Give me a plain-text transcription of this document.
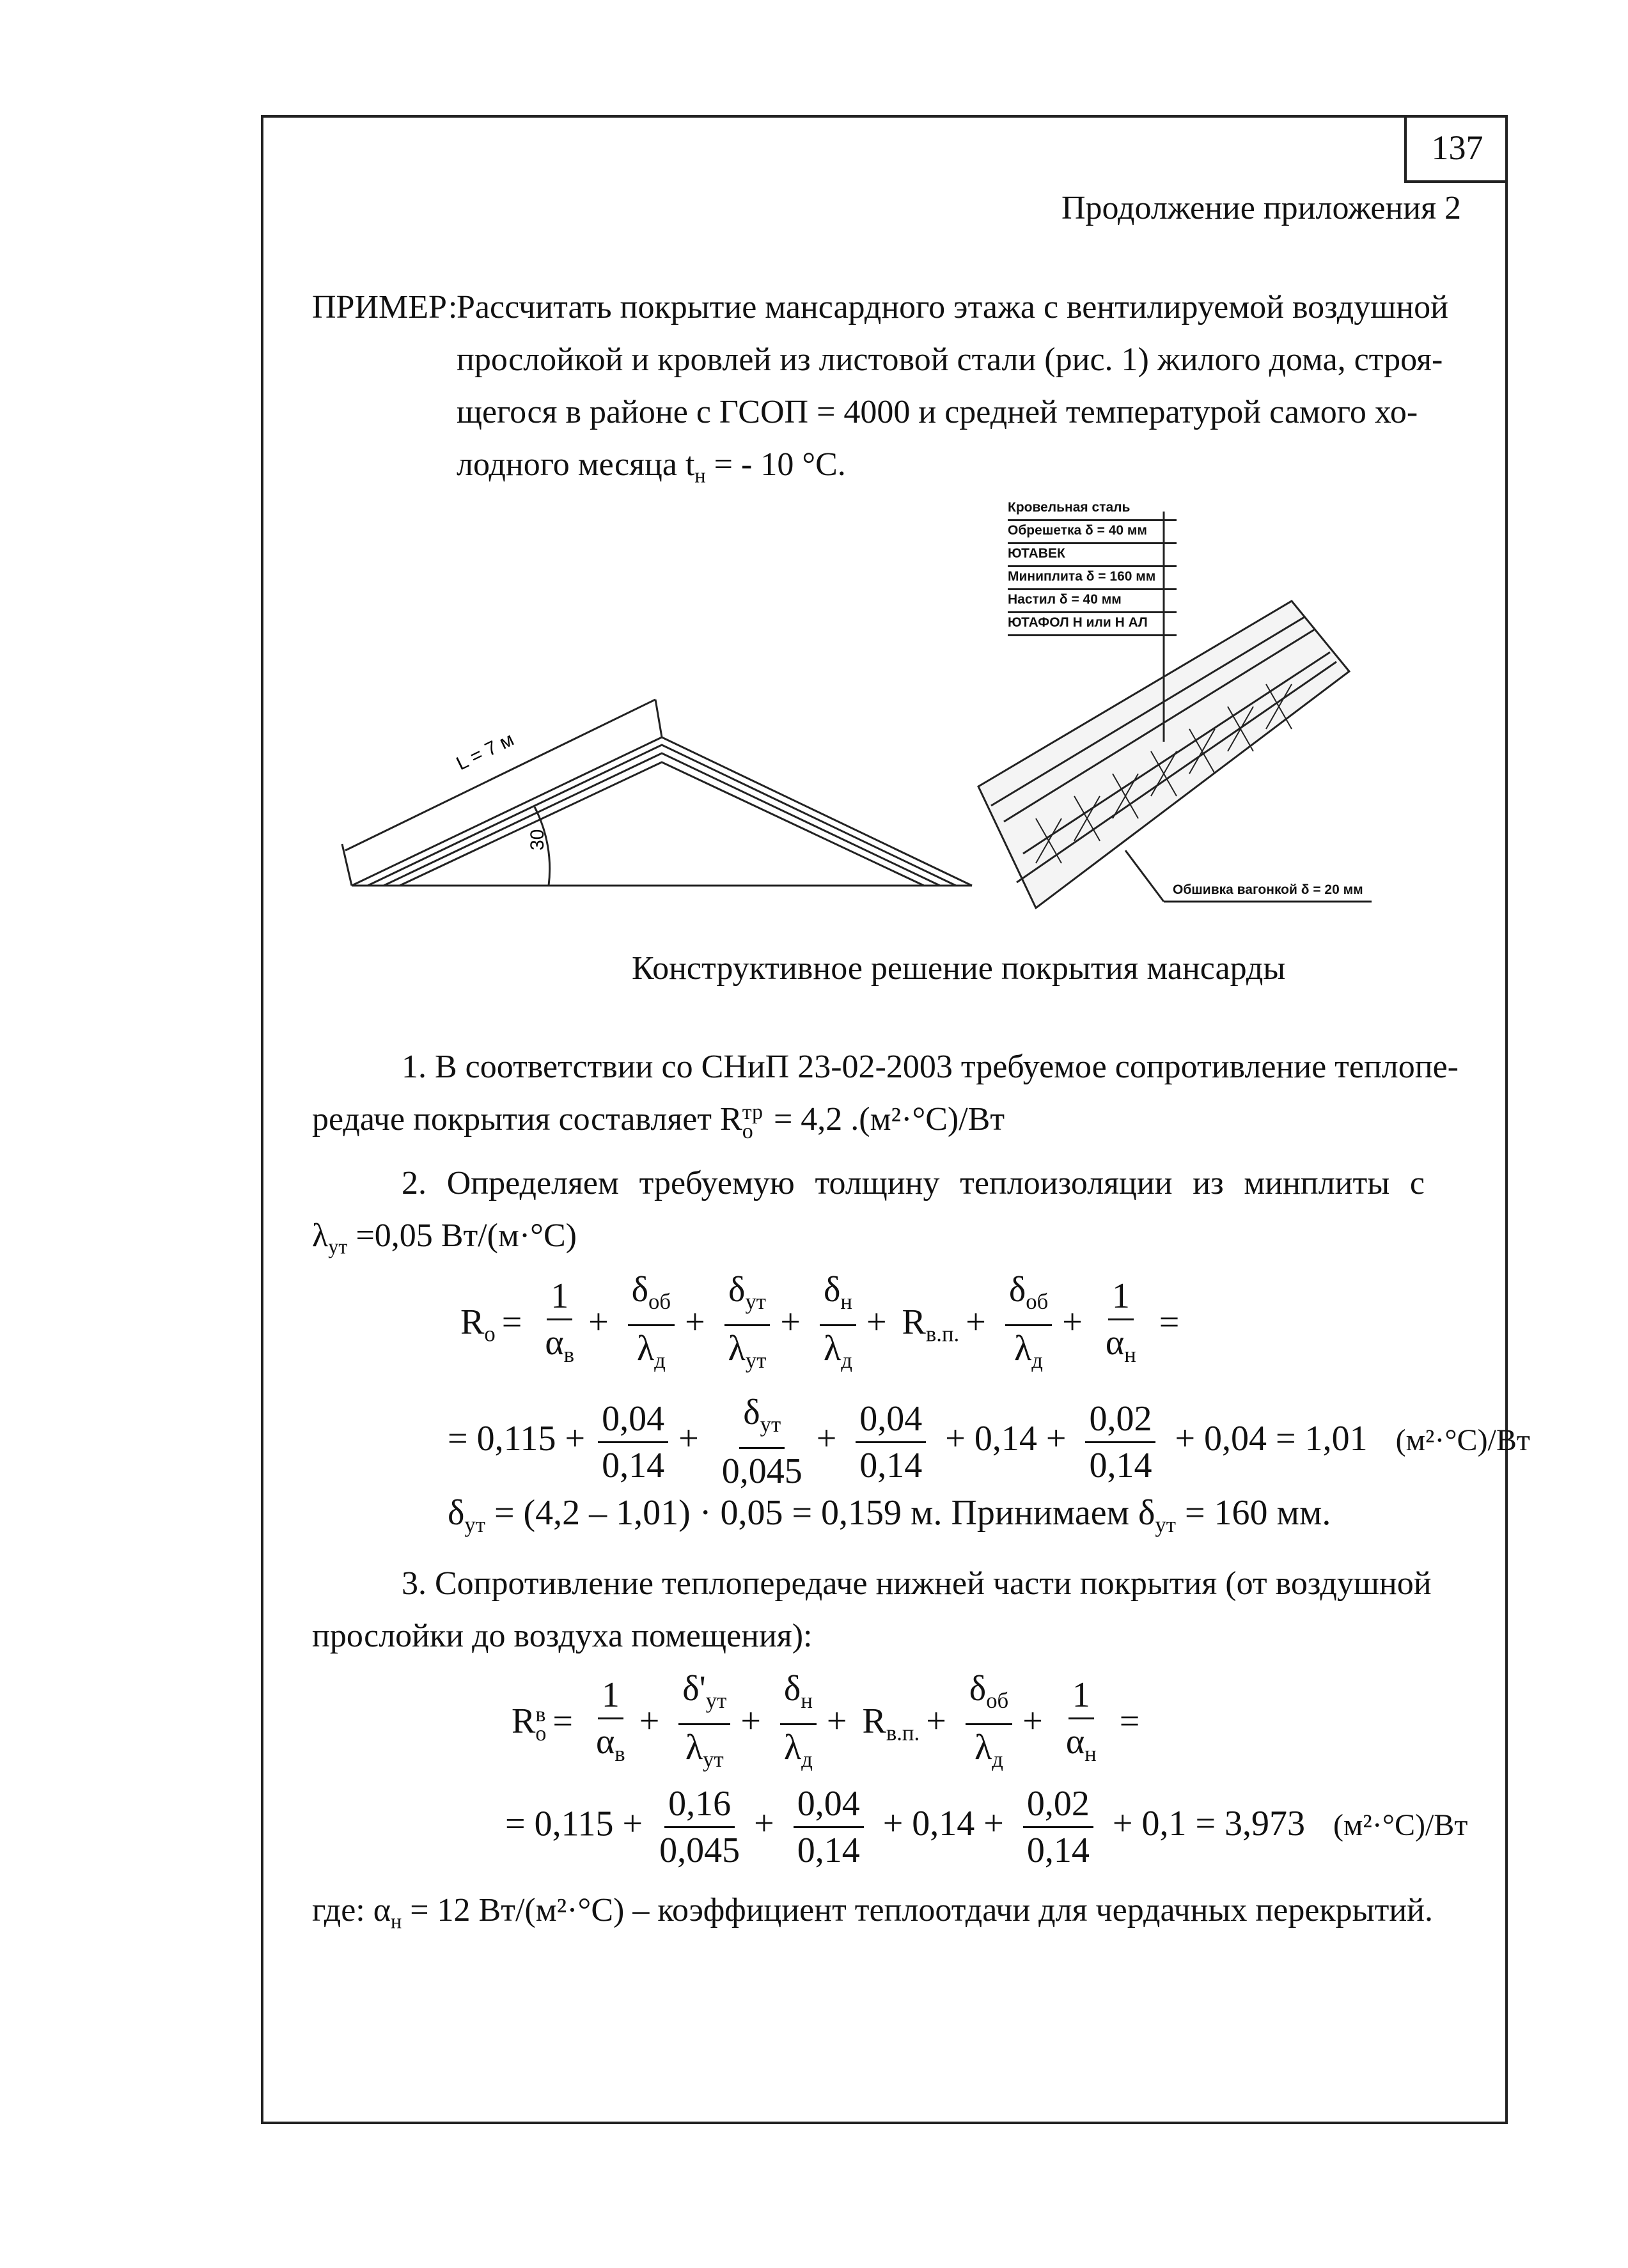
137
Продолжение приложения 2
ПРИМЕР:
Рассчитать покрытие мансардного этажа с вентилируемой воздушной
прослойкой и кровлей из листовой стали (рис. 1) жилого дома, строя-
щегося в районе с ГСОП = 4000 и средней температурой самого хо-
лодного месяца $t_н$ = - 10 °С.
L = 7 м
30
Кровельная сталь
Обрешетка δ = 40 мм
ЮТАВЕК
Миниплита δ = 160 мм
Настил δ = 40 мм
ЮТАФОЛ Н или Н АЛ
Обшивка вагонкой δ = 20 мм
Конструктивное решение покрытия мансарды
1. В соответствии со СНиП 23-02-2003 требуемое сопротивление теплопе-
редаче покрытия составляет R тр
о = 4,2 .(м²·°С)/Вт
2. Определяем требуемую толщину теплоизоляции из минплиты с
$\lambda_{ут} =0,05$ Вт/(м·°С)
$R_о = \frac{1}{\alpha_в} + \frac{\delta_{об}}{\lambda_д} + \frac{\delta_{ут}}{\lambda_{ут}} + \frac{\delta_н}{\lambda_д} + R_{в.п.} + \frac{\delta_{об}}{\lambda_д} + \frac{1}{\alpha_н}$ =
= $0,115 + \frac{0,04}{0,14} + \frac{\delta_{ут}}{0,045} + \frac{0,04}{0,14} + 0,14 + \frac{0,02}{0,14} + 0,04 = 1,01$ (м²·°С)/Вт
$\delta_{ут} = (4,2 - 1,01) \cdot 0,05 = 0,159$ м. Принимаем $\delta_{ут} = 160$ мм.
3. Сопротивление теплопередаче нижней части покрытия (от воздушной
прослойки до воздуха помещения):
R в
$о = \frac{1}{\alpha_в} + \frac{\delta'_{ут}}{\lambda_{ут}} + \frac{\delta_н}{\lambda_д} + R_{в.п.} + \frac{\delta_{об}}{\lambda_д} + \frac{1}{\alpha_н}$ =
= $0,115 + \frac{0,16}{0,045} + \frac{0,04}{0,14} + 0,14 + \frac{0,02}{0,14} + 0,1 = 3,973$ (м²·°С)/Вт
где: $\alpha_н = 12$ Вт/(м²·°С) – коэффициент теплоотдачи для чердачных перекрытий.
